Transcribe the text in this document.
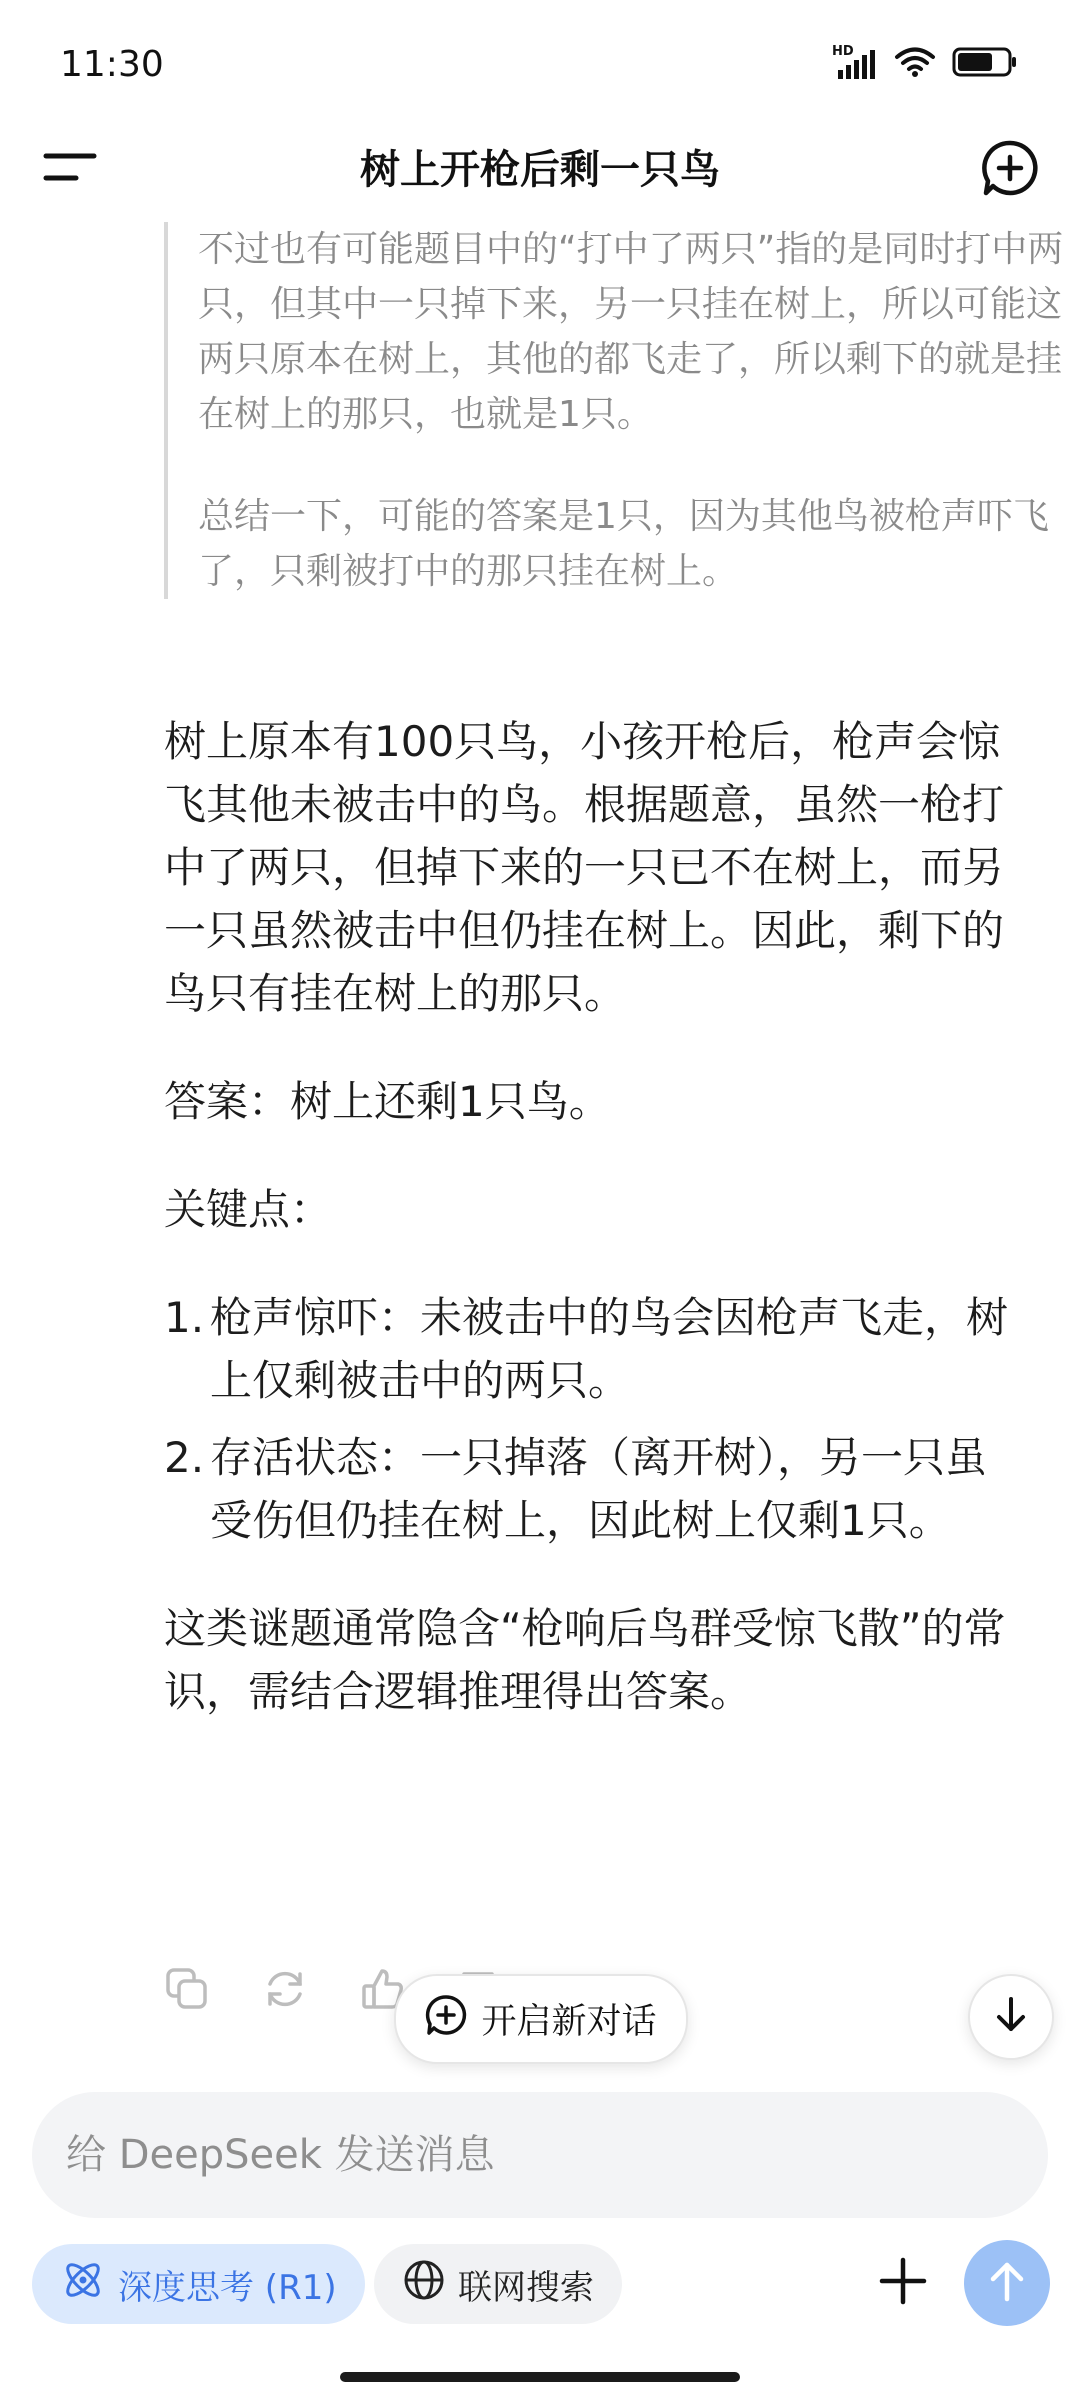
11:30	HD
树上开枪后剩一只鸟

不过也有可能题目中的“打中了两只”指的是同时打中两只，但其中一只掉下来，另一只挂在树上，所以可能这两只原本在树上，其他的都飞走了，所以剩下的就是挂在树上的那只，也就是1只。

总结一下，可能的答案是1只，因为其他鸟被枪声吓飞了，只剩被打中的那只挂在树上。

树上原本有100只鸟，小孩开枪后，枪声会惊飞其他未被击中的鸟。根据题意，虽然一枪打中了两只，但掉下来的一只已不在树上，而另一只虽然被击中但仍挂在树上。因此，剩下的鸟只有挂在树上的那只。

答案：树上还剩1只鸟。

关键点：

1. 枪声惊吓：未被击中的鸟会因枪声飞走，树上仅剩被击中的两只。
2. 存活状态：一只掉落（离开树），另一只虽受伤但仍挂在树上，因此树上仅剩1只。

这类谜题通常隐含“枪响后鸟群受惊飞散”的常识，需结合逻辑推理得出答案。

开启新对话
给 DeepSeek 发送消息
深度思考 (R1)	联网搜索
